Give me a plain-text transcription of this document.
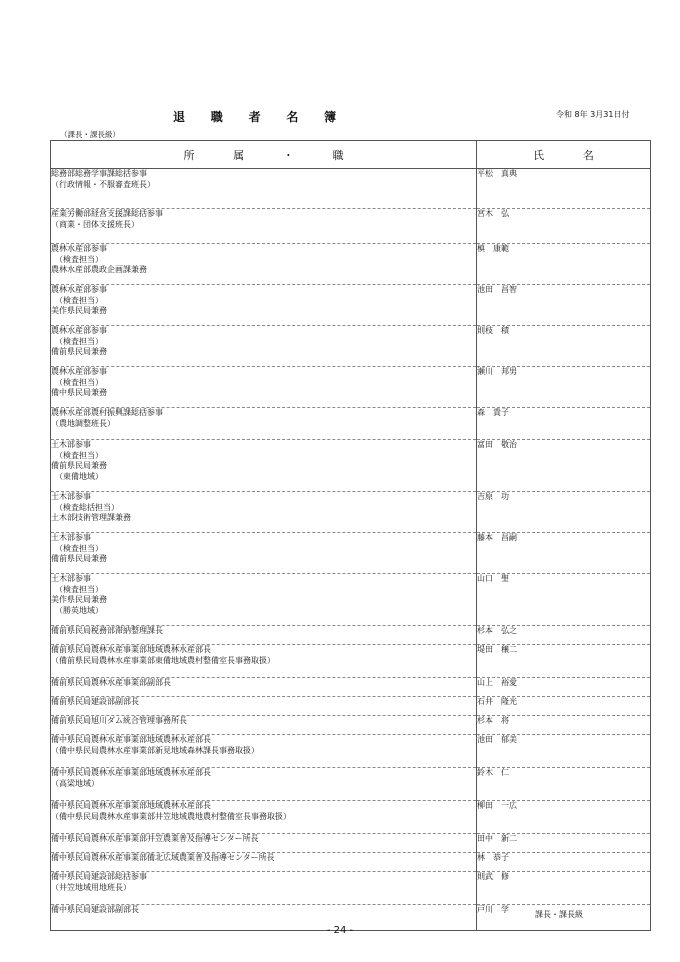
退 職 者 名 簿	令和 8年 3月31日付
（課長・課長級）
所 属 ・ 職	氏 名

総務部総務学事課総括参事
（行政情報・不服審査班長）	平松　真典

産業労働部経営支援課総括参事
（商業・団体支援班長）	宮木　弘

農林水産部参事
　（検査担当）
農林水産部農政企画課兼務	槙　康範

農林水産部参事
　（検査担当）
美作県民局兼務	池田　昌智

農林水産部参事
　（検査担当）
備前県民局兼務	則枝　積

農林水産部参事
　（検査担当）
備中県民局兼務	瀬川　邦男

農林水産部農村振興課総括参事
（農地調整班長）	森　貴子

土木部参事
　（検査担当）
備前県民局兼務
　（東備地域）	富田　敬治

土木部参事
　（検査総括担当）
土木部技術管理課兼務	吉原　功

土木部参事
　（検査担当）
備前県民局兼務	藤本　昌嗣

土木部参事
　（検査担当）
美作県民局兼務
　（勝英地域）	山口　聖

備前県民局税務部滞納整理課長	杉本　弘之

備前県民局農林水産事業部地域農林水産部長
（備前県民局農林水産事業部東備地域農村整備室長事務取扱）	堤田　穣二

備前県民局農林水産事業部副部長	山上　裕愛

備前県民局建設部副部長	石井　隆光

備前県民局旭川ダム統合管理事務所長	杉本　将

備中県民局農林水産事業部地域農林水産部長
（備中県民局農林水産事業部新見地域森林課長事務取扱）	池田　郁美

備中県民局農林水産事業部地域農林水産部長
（高梁地域）	鈴木　仁

備中県民局農林水産事業部地域農林水産部長
（備中県民局農林水産事業部井笠地域農地農村整備室長事務取扱）	柳田　一広

備中県民局農林水産事業部井笠農業普及指導センター所長	田中　新二

備中県民局農林水産事業部備北広域農業普及指導センター所長	林　恭子

備中県民局建設部総括参事
（井笠地域用地班長）	則武　修

備中県民局建設部副部長	戸川　学
課長・課長級
- 24 -
